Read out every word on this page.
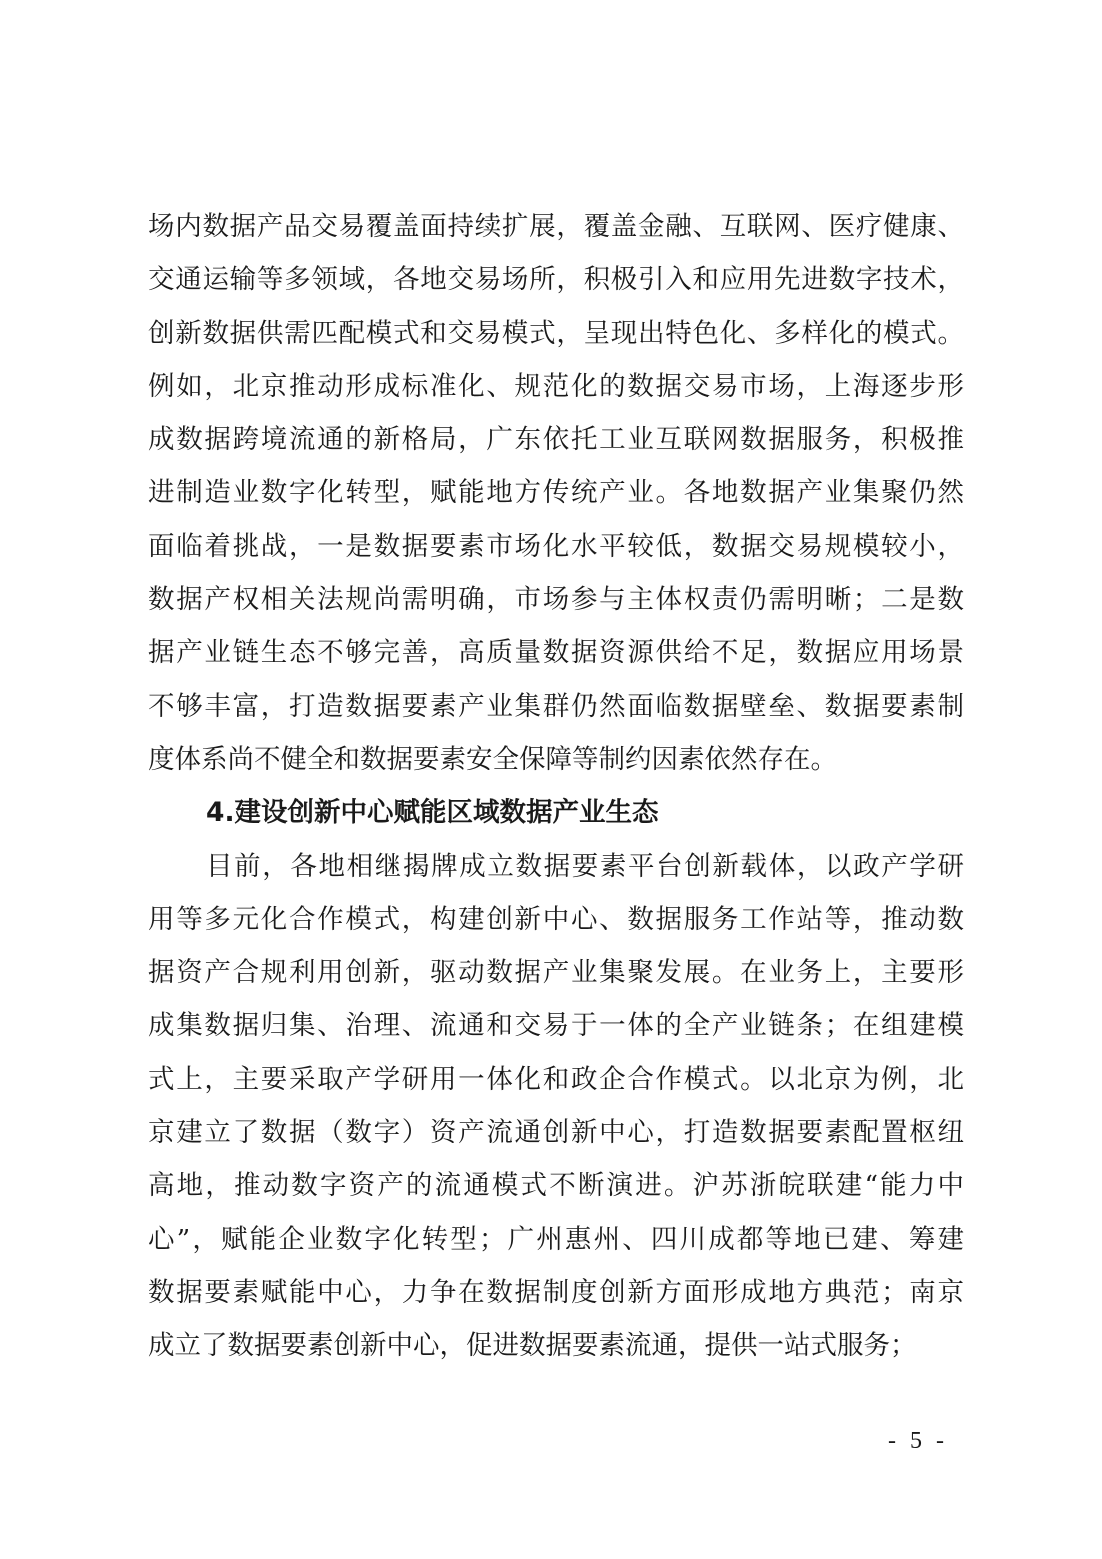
场内数据产品交易覆盖面持续扩展，覆盖金融、互联网、医疗健康、
交通运输等多领域，各地交易场所，积极引入和应用先进数字技术，
创新数据供需匹配模式和交易模式，呈现出特色化、多样化的模式。
例如，北京推动形成标准化、规范化的数据交易市场，上海逐步形
成数据跨境流通的新格局，广东依托工业互联网数据服务，积极推
进制造业数字化转型，赋能地方传统产业。各地数据产业集聚仍然
面临着挑战，一是数据要素市场化水平较低，数据交易规模较小，
数据产权相关法规尚需明确，市场参与主体权责仍需明晰；二是数
据产业链生态不够完善，高质量数据资源供给不足，数据应用场景
不够丰富，打造数据要素产业集群仍然面临数据壁垒、数据要素制
度体系尚不健全和数据要素安全保障等制约因素依然存在。
4.建设创新中心赋能区域数据产业生态
目前，各地相继揭牌成立数据要素平台创新载体，以政产学研
用等多元化合作模式，构建创新中心、数据服务工作站等，推动数
据资产合规利用创新，驱动数据产业集聚发展。在业务上，主要形
成集数据归集、治理、流通和交易于一体的全产业链条；在组建模
式上，主要采取产学研用一体化和政企合作模式。以北京为例，北
京建立了数据（数字）资产流通创新中心，打造数据要素配置枢纽
高地，推动数字资产的流通模式不断演进。沪苏浙皖联建“能力中
心”，赋能企业数字化转型；广州惠州、四川成都等地已建、筹建
数据要素赋能中心，力争在数据制度创新方面形成地方典范；南京
成立了数据要素创新中心，促进数据要素流通，提供一站式服务；
- 5 -
